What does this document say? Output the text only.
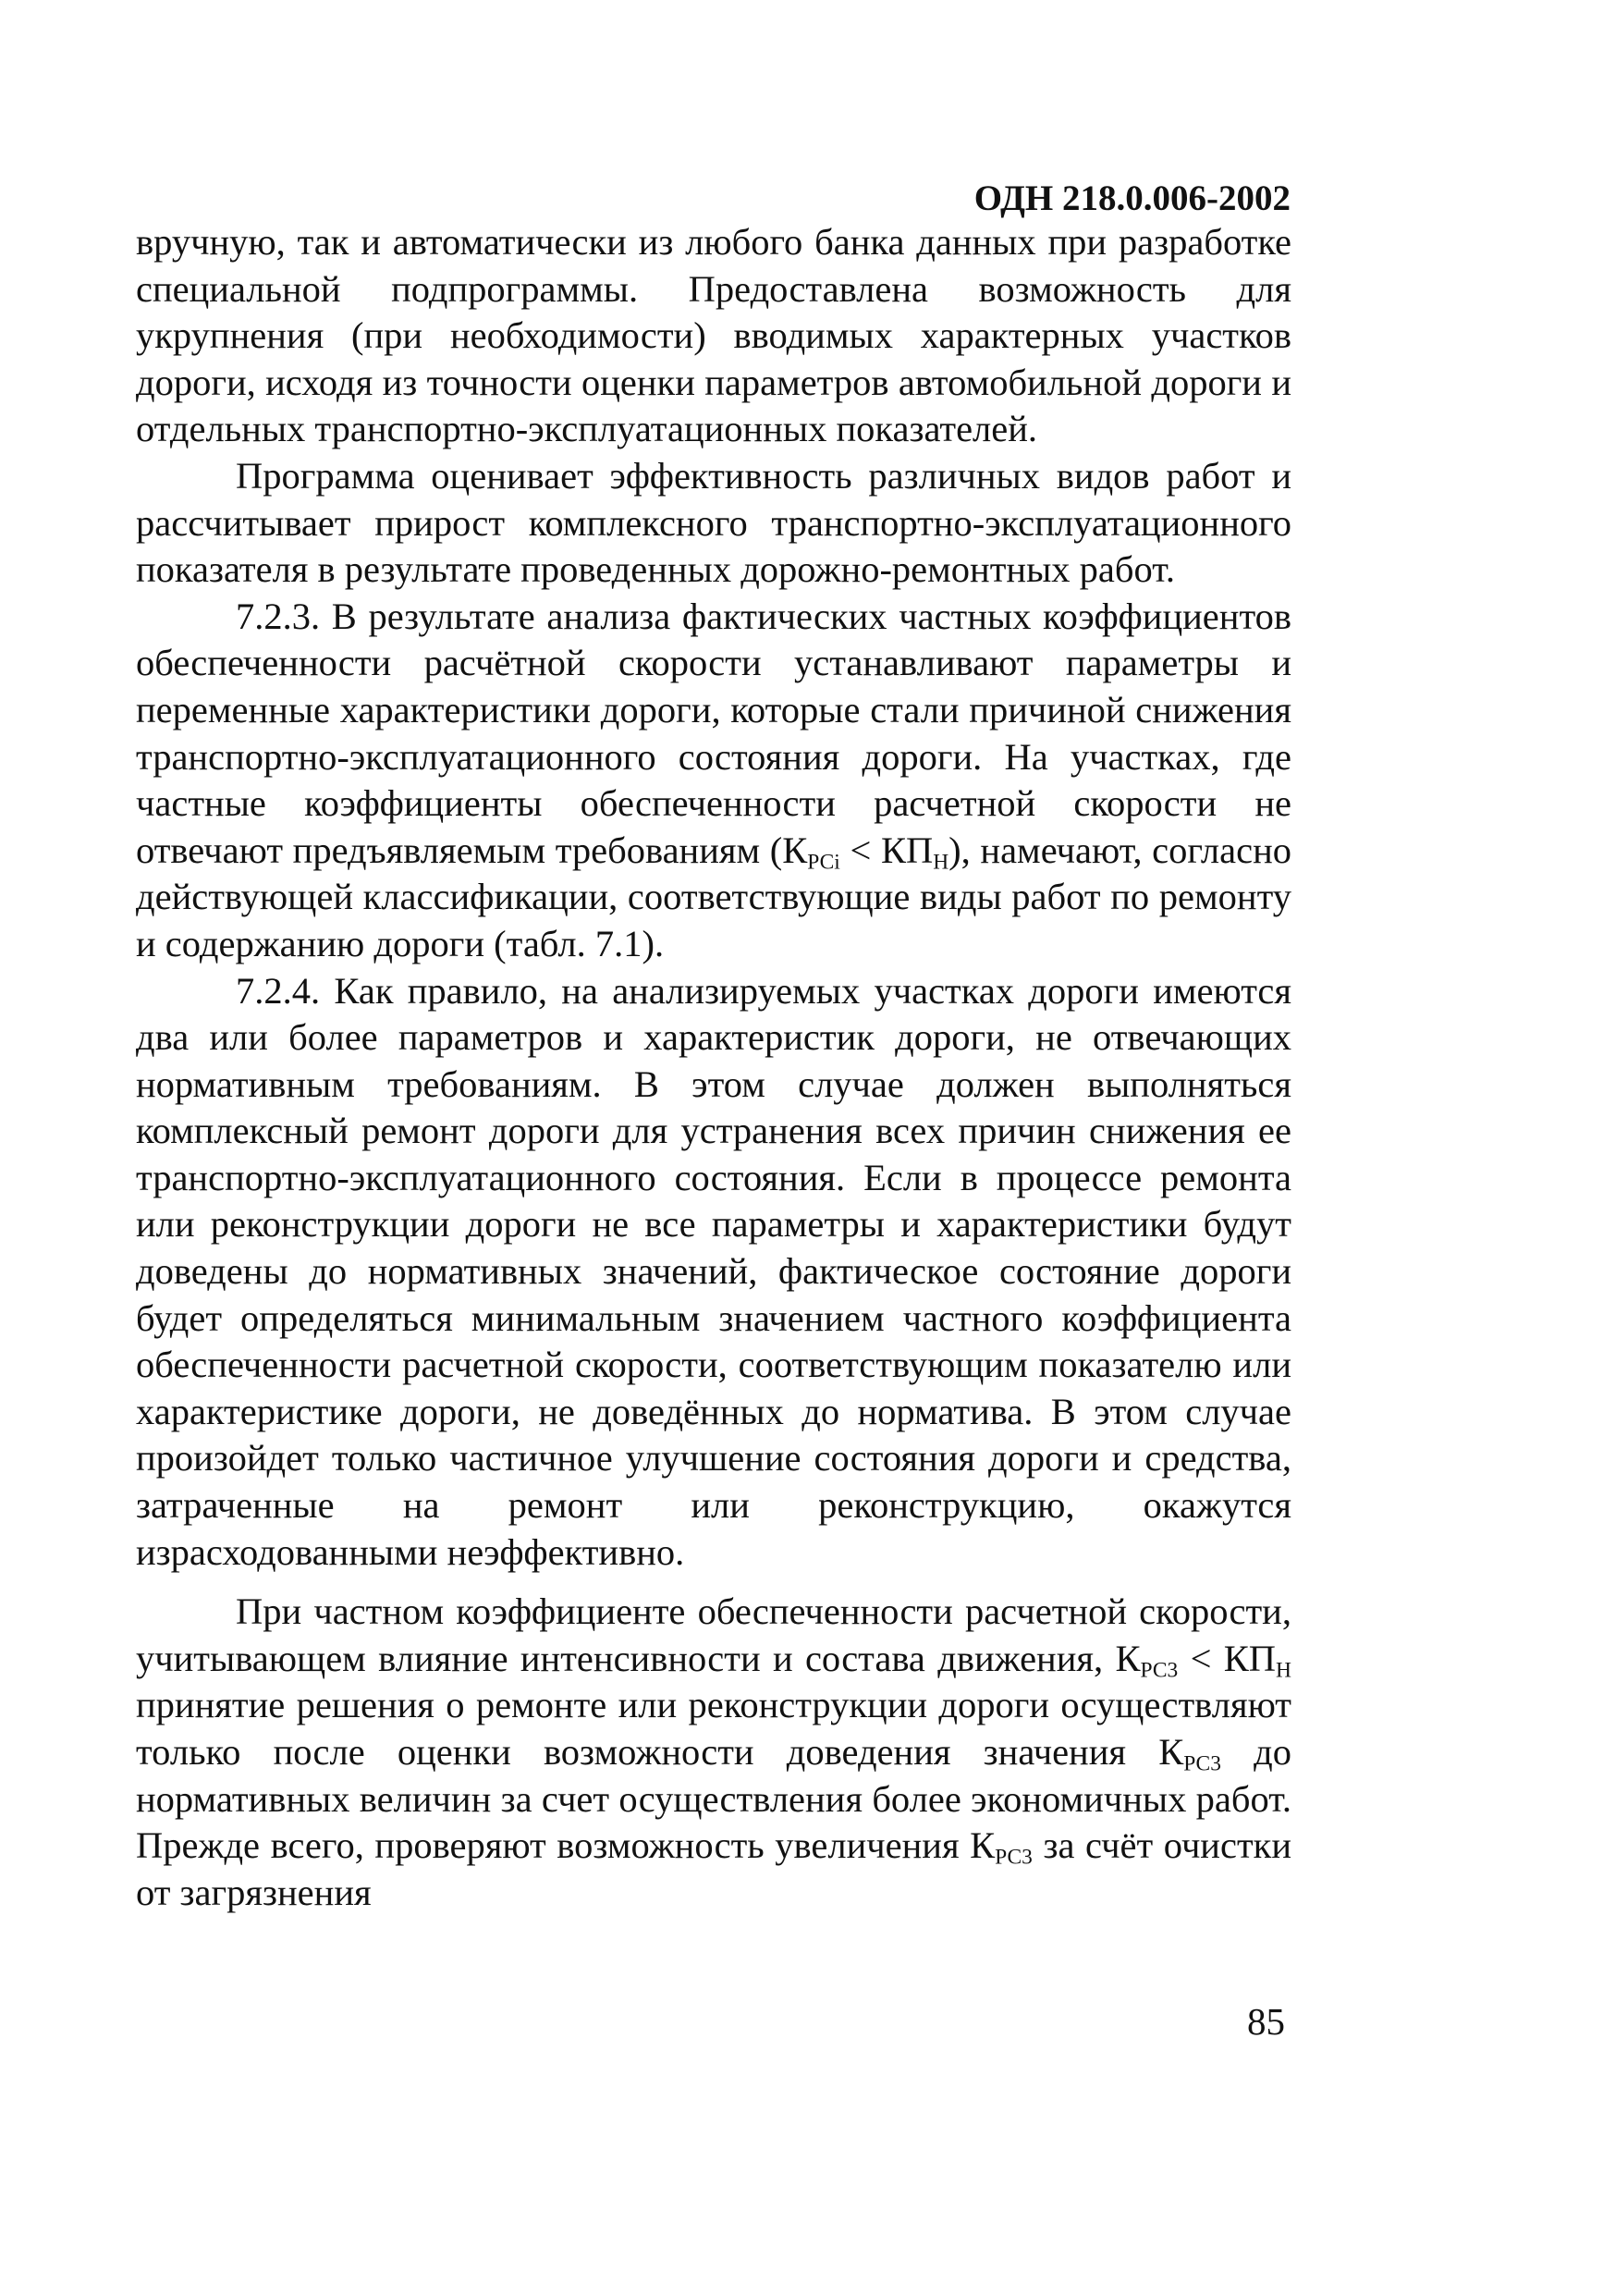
ОДН 218.0.006-2002

вручную, так и автоматически из любого банка данных при разработке специальной подпрограммы. Предоставлена возможность для укрупнения (при необходимости) вводимых характерных участков дороги, исходя из точности оценки параметров автомобильной дороги и отдельных транспортно-эксплуатационных показателей.

Программа оценивает эффективность различных видов работ и рассчитывает прирост комплексного транспортно-эксплуатационного показателя в результате проведенных дорожно-ремонтных работ.

7.2.3. В результате анализа фактических частных коэффициентов обеспеченности расчётной скорости устанавливают параметры и переменные характеристики дороги, которые стали причиной снижения транспортно-эксплуатационного состояния дороги. На участках, где частные коэффициенты обеспеченности расчетной скорости не отвечают предъявляемым требованиям $(К_{РСi} < КП_Н)$, намечают, согласно действующей классификации, соответствующие виды работ по ремонту и содержанию дороги (табл. 7.1).

7.2.4. Как правило, на анализируемых участках дороги имеются два или более параметров и характеристик дороги, не отвечающих нормативным требованиям. В этом случае должен выполняться комплексный ремонт дороги для устранения всех причин снижения ее транспортно-эксплуатационного состояния. Если в процессе ремонта или реконструкции дороги не все параметры и характеристики будут доведены до нормативных значений, фактическое состояние дороги будет определяться минимальным значением частного коэффициента обеспеченности расчетной скорости, соответствующим показателю или характеристике дороги, не доведённых до норматива. В этом случае произойдет только частичное улучшение состояния дороги и средства, затраченные на ремонт или реконструкцию, окажутся израсходованными неэффективно.

При частном коэффициенте обеспеченности расчетной скорости, учитывающем влияние интенсивности и состава движения, $К_{РС3} < КП_Н$ принятие решения о ремонте или реконструкции дороги осуществляют только после оценки возможности доведения значения $К_{РС3}$ до нормативных величин за счет осуществления более экономичных работ. Прежде всего, проверяют возможность увеличения $К_{РС3}$ за счёт очистки от загрязнения

85
